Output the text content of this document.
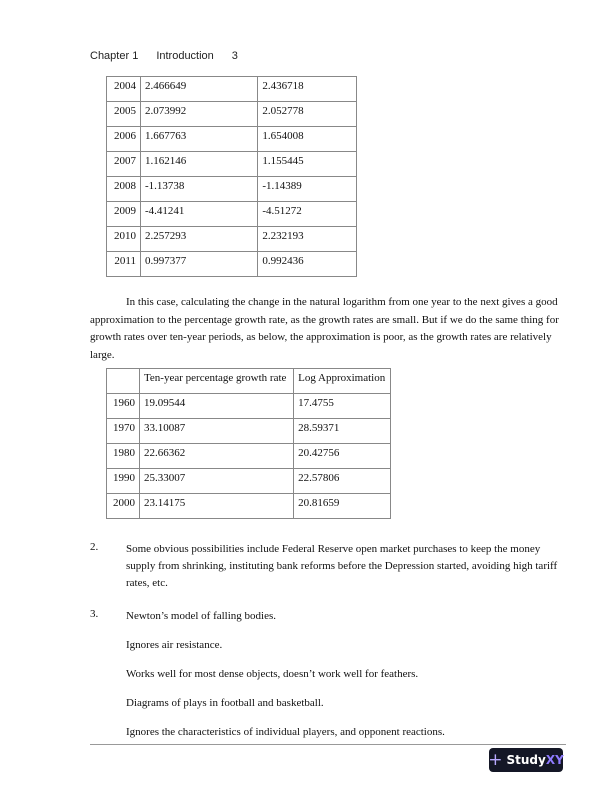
Chapter 1 Introduction 3
2004	2.466649	2.436718
2005	2.073992	2.052778
2006	1.667763	1.654008
2007	1.162146	1.155445
2008	-1.13738	-1.14389
2009	-4.41241	-4.51272
2010	2.257293	2.232193
2011	0.997377	0.992436
In this case, calculating the change in the natural logarithm from one year to the next gives a good approximation to the percentage growth rate, as the growth rates are small. But if we do the same thing for growth rates over ten-year periods, as below, the approximation is poor, as the growth rates are relatively large.
	Ten-year percentage growth rate	Log Approximation
1960	19.09544	17.4755
1970	33.10087	28.59371
1980	22.66362	20.42756
1990	25.33007	22.57806
2000	23.14175	20.81659
2.	Some obvious possibilities include Federal Reserve open market purchases to keep the money supply from shrinking, instituting bank reforms before the Depression started, avoiding high tariff rates, etc.
3.	Newton’s model of falling bodies.
Ignores air resistance.
Works well for most dense objects, doesn’t work well for feathers.
Diagrams of plays in football and basketball.
Ignores the characteristics of individual players, and opponent reactions.
+ StudyXY
